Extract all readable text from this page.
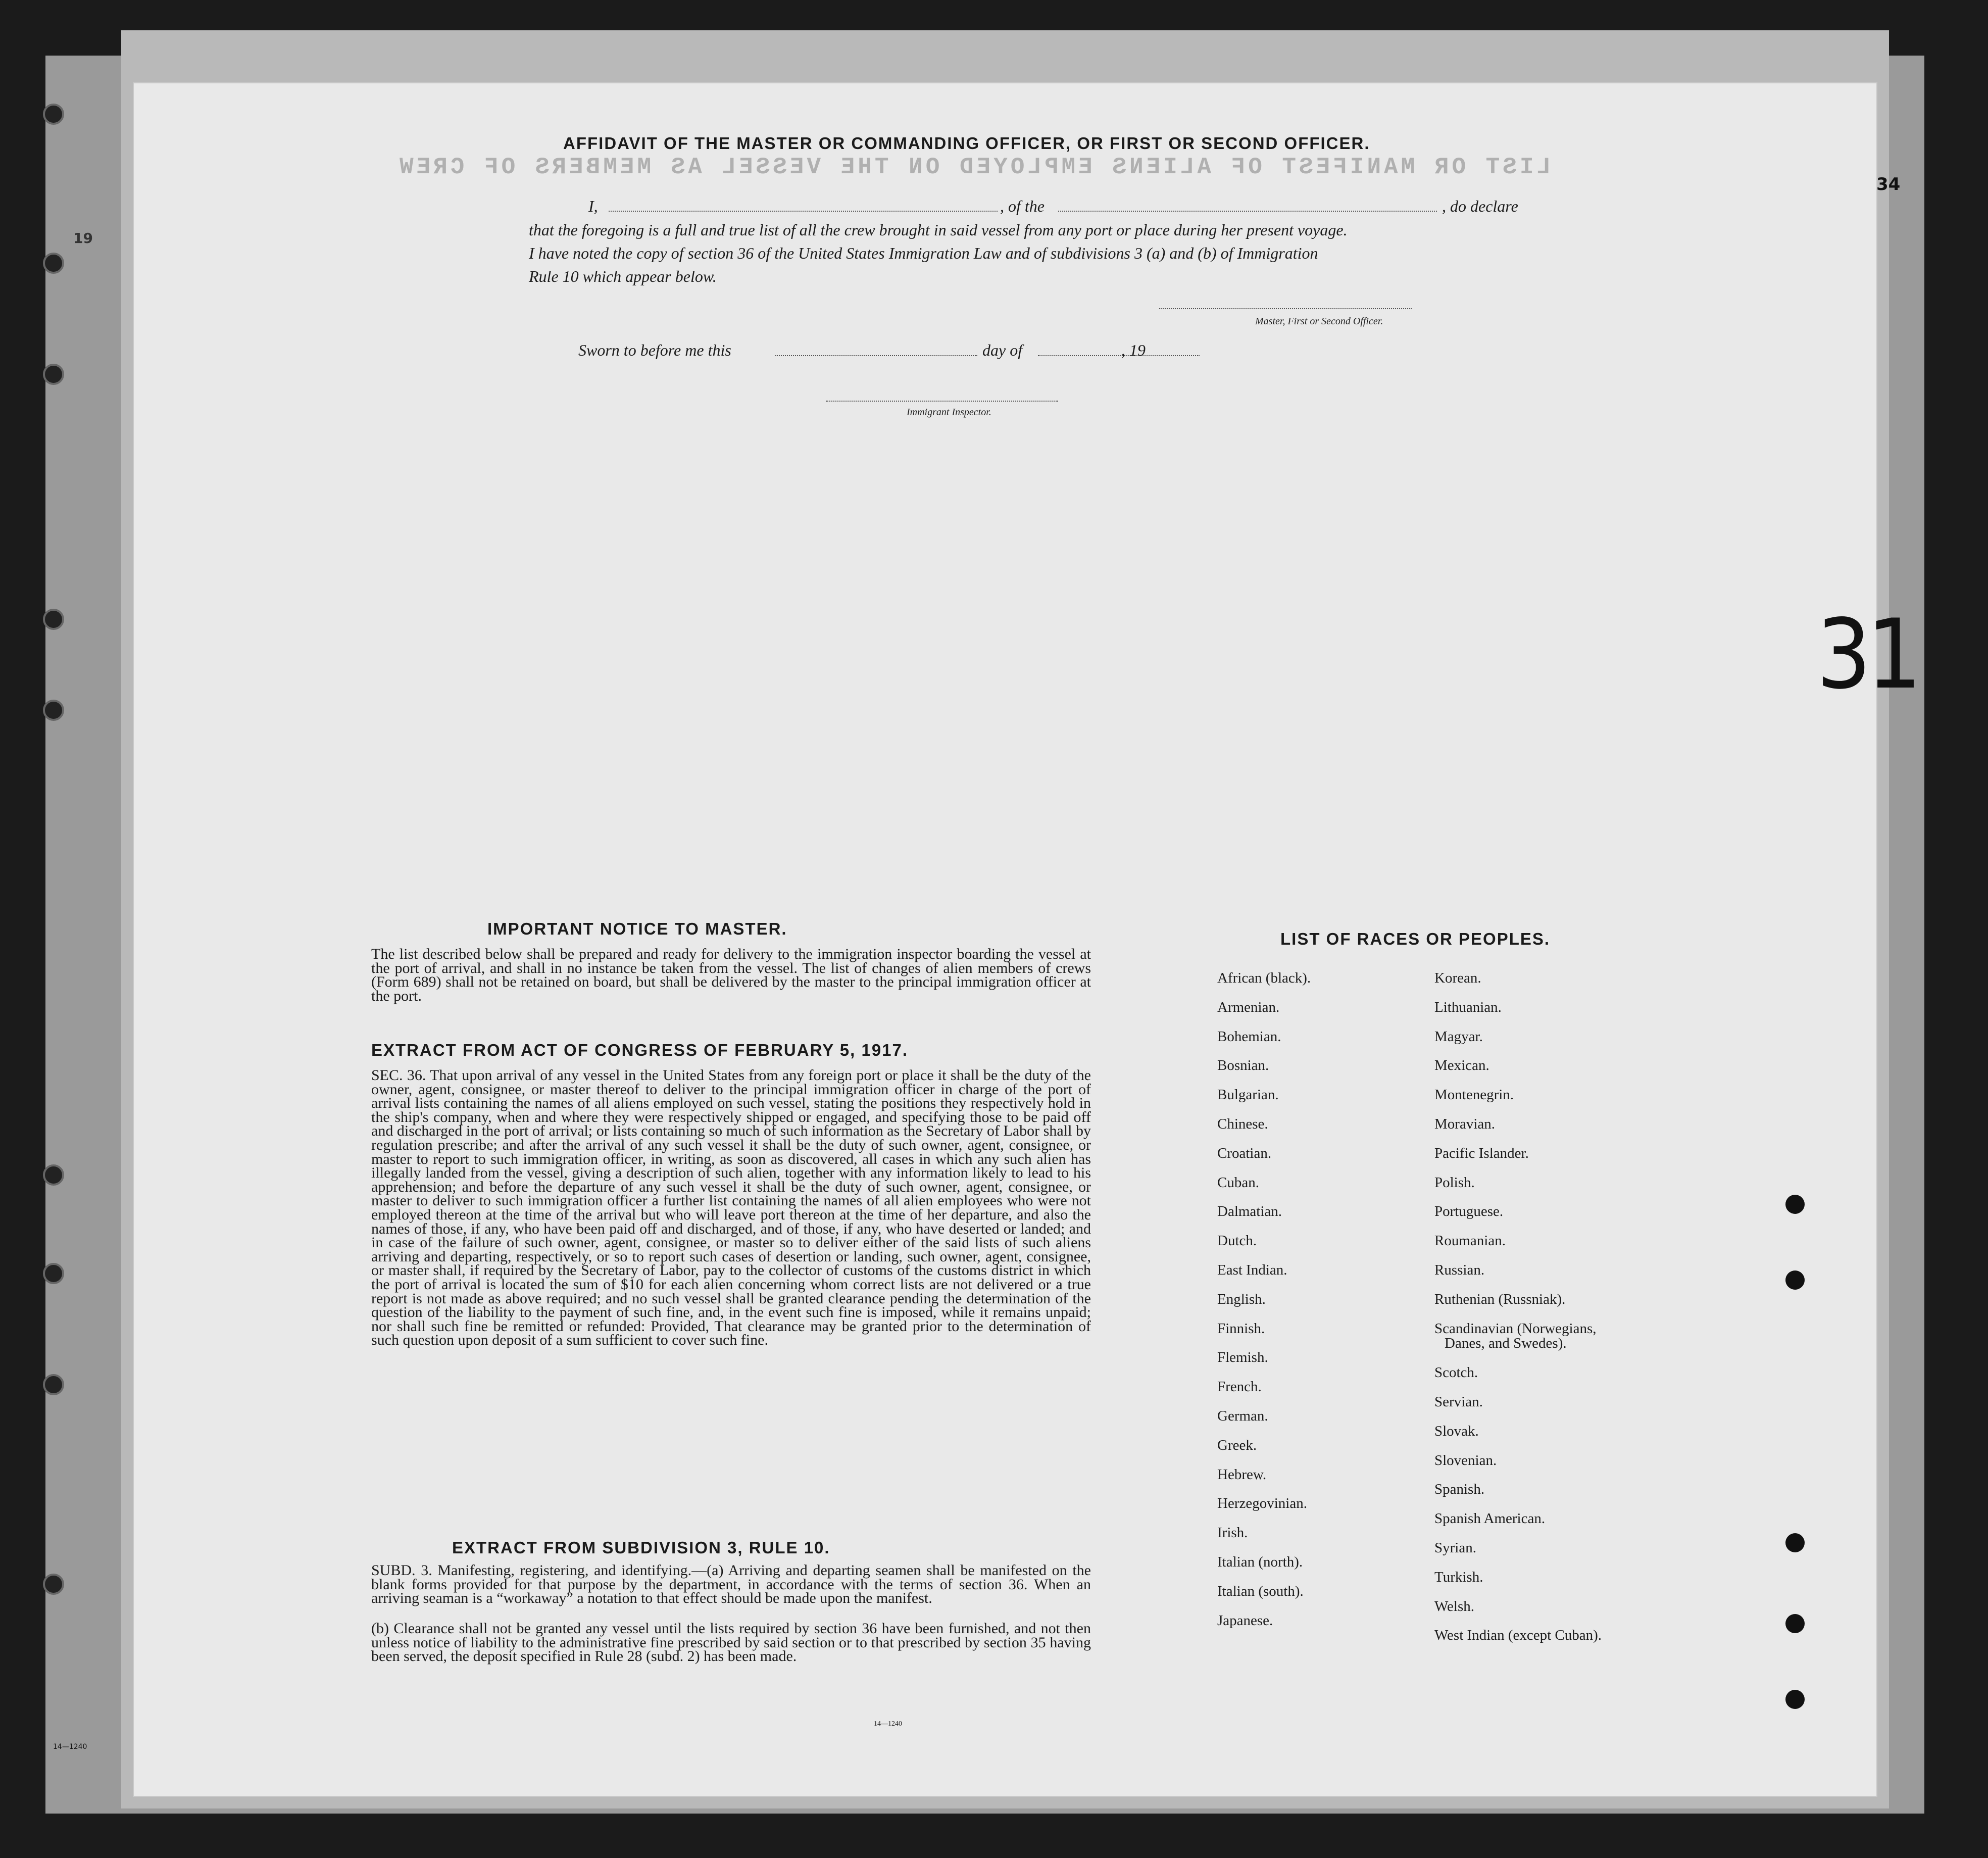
LIST OR MANIFEST OF ALIENS EMPLOYED ON THE VESSEL AS MEMBERS OF CREW
AFFIDAVIT OF THE MASTER OR COMMANDING OFFICER, OR FIRST OR SECOND OFFICER.
I,	, of the	, do declare
that the foregoing is a full and true list of all the crew brought in said vessel from any port or place during her present voyage.
I have noted the copy of section 36 of the United States Immigration Law and of subdivisions 3 (a) and (b) of Immigration
Rule 10 which appear below.
Master, First or Second Officer.
Sworn to before me this	day of	, 19
Immigrant Inspector.
IMPORTANT NOTICE TO MASTER.
The list described below shall be prepared and ready for delivery to the immigration inspector boarding the vessel at the port of arrival, and shall in no instance be taken from the vessel. The list of changes of alien members of crews (Form 689) shall not be retained on board, but shall be delivered by the master to the principal immigration officer at the port.
EXTRACT FROM ACT OF CONGRESS OF FEBRUARY 5, 1917.
SEC. 36. That upon arrival of any vessel in the United States from any foreign port or place it shall be the duty of the owner, agent, consignee, or master thereof to deliver to the principal immigration officer in charge of the port of arrival lists containing the names of all aliens employed on such vessel, stating the positions they respectively hold in the ship's company, when and where they were respectively shipped or engaged, and specifying those to be paid off and discharged in the port of arrival; or lists containing so much of such information as the Secretary of Labor shall by regulation prescribe; and after the arrival of any such vessel it shall be the duty of such owner, agent, consignee, or master to report to such immigration officer, in writing, as soon as discovered, all cases in which any such alien has illegally landed from the vessel, giving a description of such alien, together with any information likely to lead to his apprehension; and before the departure of any such vessel it shall be the duty of such owner, agent, consignee, or master to deliver to such immigration officer a further list containing the names of all alien employees who were not employed thereon at the time of the arrival but who will leave port thereon at the time of her departure, and also the names of those, if any, who have been paid off and discharged, and of those, if any, who have deserted or landed; and in case of the failure of such owner, agent, consignee, or master so to deliver either of the said lists of such aliens arriving and departing, respectively, or so to report such cases of desertion or landing, such owner, agent, consignee, or master shall, if required by the Secretary of Labor, pay to the collector of customs of the customs district in which the port of arrival is located the sum of $10 for each alien concerning whom correct lists are not delivered or a true report is not made as above required; and no such vessel shall be granted clearance pending the determination of the question of the liability to the payment of such fine, and, in the event such fine is imposed, while it remains unpaid; nor shall such fine be remitted or refunded: Provided, That clearance may be granted prior to the determination of such question upon deposit of a sum sufficient to cover such fine.
EXTRACT FROM SUBDIVISION 3, RULE 10.
SUBD. 3. Manifesting, registering, and identifying.—(a) Arriving and departing seamen shall be manifested on the blank forms provided for that purpose by the department, in accordance with the terms of section 36. When an arriving seaman is a “workaway” a notation to that effect should be made upon the manifest.
(b) Clearance shall not be granted any vessel until the lists required by section 36 have been furnished, and not then unless notice of liability to the administrative fine prescribed by said section or to that prescribed by section 35 having been served, the deposit specified in Rule 28 (subd. 2) has been made.
14—1240
LIST OF RACES OR PEOPLES.
African (black).
Armenian.
Bohemian.
Bosnian.
Bulgarian.
Chinese.
Croatian.
Cuban.
Dalmatian.
Dutch.
East Indian.
English.
Finnish.
Flemish.
French.
German.
Greek.
Hebrew.
Herzegovinian.
Irish.
Italian (north).
Italian (south).
Japanese.
Korean.
Lithuanian.
Magyar.
Mexican.
Montenegrin.
Moravian.
Pacific Islander.
Polish.
Portuguese.
Roumanian.
Russian.
Ruthenian (Russniak).
Scandinavian (Norwegians,
Danes, and Swedes).
Scotch.
Servian.
Slovak.
Slovenian.
Spanish.
Spanish American.
Syrian.
Turkish.
Welsh.
West Indian (except Cuban).
34
19
31
14—1240
